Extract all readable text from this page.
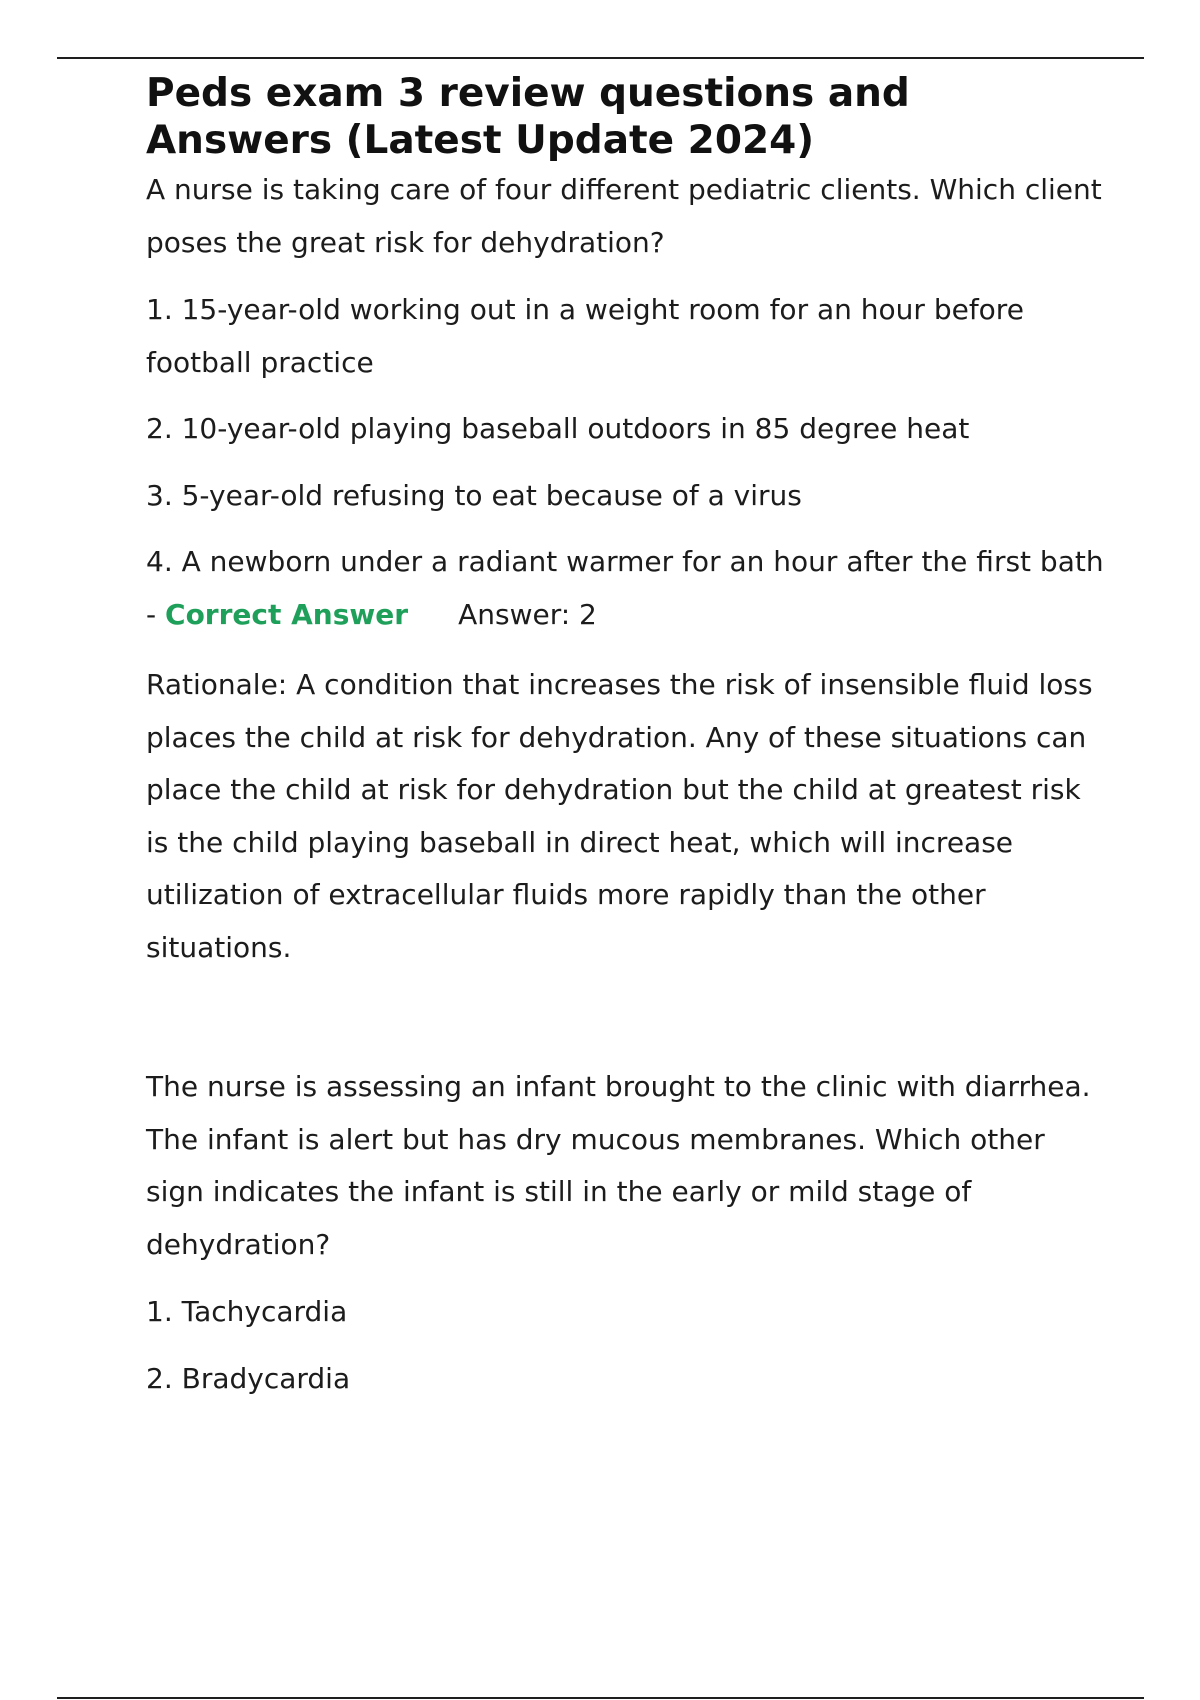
Peds exam 3 review questions and
Answers (Latest Update 2024)

A nurse is taking care of four different pediatric clients. Which client poses the great risk for dehydration?

1. 15-year-old working out in a weight room for an hour before football practice

2. 10-year-old playing baseball outdoors in 85 degree heat

3. 5-year-old refusing to eat because of a virus

4. A newborn under a radiant warmer for an hour after the first bath - Correct Answer Answer: 2

Rationale: A condition that increases the risk of insensible fluid loss places the child at risk for dehydration. Any of these situations can place the child at risk for dehydration but the child at greatest risk is the child playing baseball in direct heat, which will increase utilization of extracellular fluids more rapidly than the other situations.

The nurse is assessing an infant brought to the clinic with diarrhea. The infant is alert but has dry mucous membranes. Which other sign indicates the infant is still in the early or mild stage of dehydration?

1. Tachycardia

2. Bradycardia
